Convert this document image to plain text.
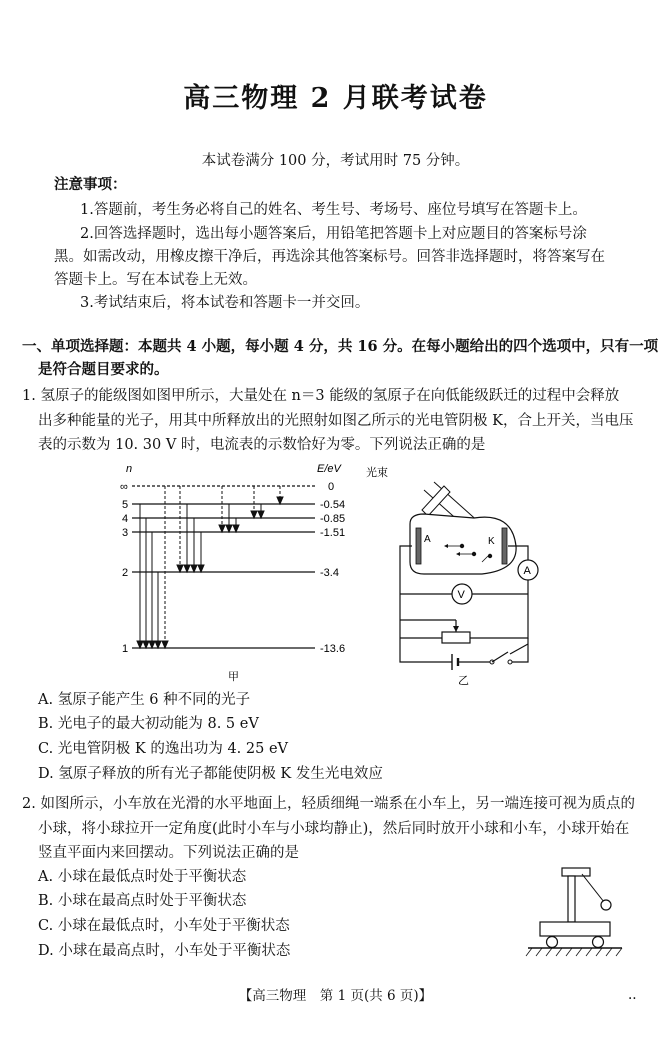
高三物理 2 月联考试卷
本试卷满分 100 分，考试用时 75 分钟。
注意事项：
1.答题前，考生务必将自己的姓名、考生号、考场号、座位号填写在答题卡上。
2.回答选择题时，选出每小题答案后，用铅笔把答题卡上对应题目的答案标号涂
黑。如需改动，用橡皮擦干净后，再选涂其他答案标号。回答非选择题时，将答案写在
答题卡上。写在本试卷上无效。
3.考试结束后，将本试卷和答题卡一并交回。
一、单项选择题：本题共 4 小题，每小题 4 分，共 16 分。在每小题给出的四个选项中，只有一项
是符合题目要求的。
1. 氢原子的能级图如图甲所示，大量处在 n＝3 能级的氢原子在向低能级跃迁的过程中会释放
出多种能量的光子，用其中所释放出的光照射如图乙所示的光电管阴极 K，合上开关，当电压
表的示数为 10. 30 V 时，电流表的示数恰好为零。下列说法正确的是
n	E/eV
∞
5
4
3
2
1
0
-0.54
-0.85
-1.51
-3.4
-13.6
甲
光束
A	K
A
V
乙
A. 氢原子能产生 6 种不同的光子
B. 光电子的最大初动能为 8. 5 eV
C. 光电管阴极 K 的逸出功为 4. 25 eV
D. 氢原子释放的所有光子都能使阴极 K 发生光电效应
2. 如图所示，小车放在光滑的水平地面上，轻质细绳一端系在小车上，另一端连接可视为质点的
小球，将小球拉开一定角度(此时小车与小球均静止)，然后同时放开小球和小车，小球开始在
竖直平面内来回摆动。下列说法正确的是
A. 小球在最低点时处于平衡状态
B. 小球在最高点时处于平衡状态
C. 小球在最低点时，小车处于平衡状态
D. 小球在最高点时，小车处于平衡状态
【高三物理　第 1 页(共 6 页)】	..
